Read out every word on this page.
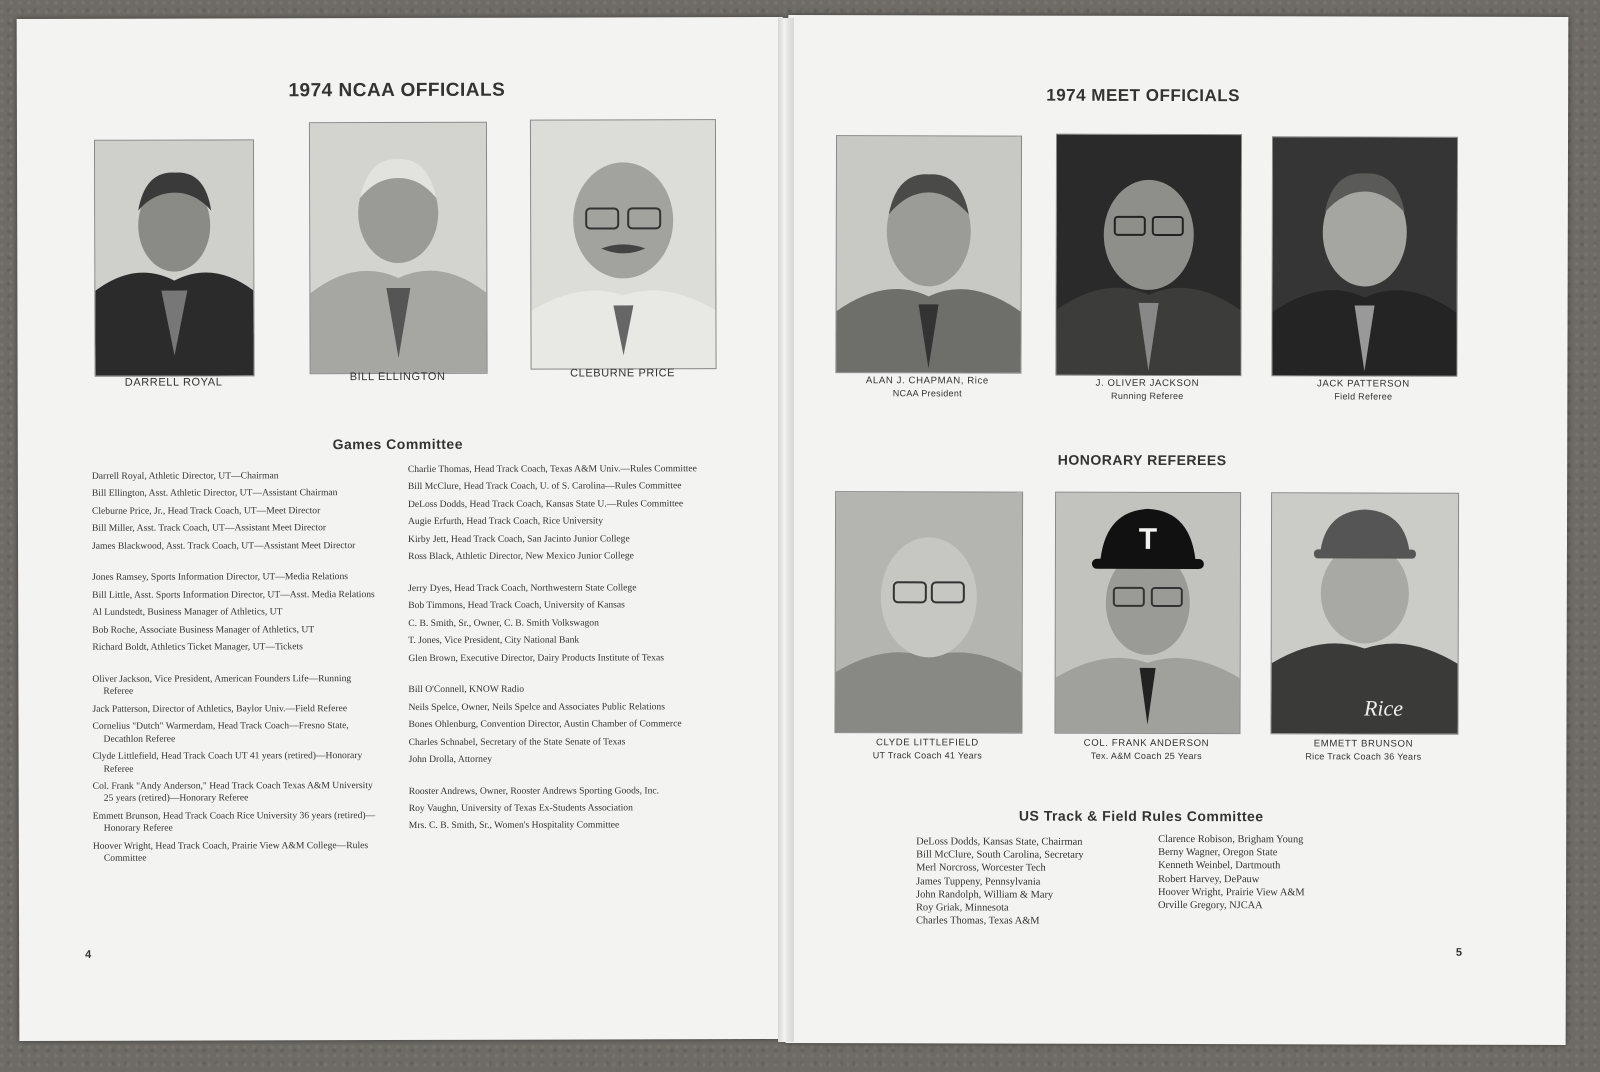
1974 NCAA OFFICIALS
DARRELL ROYAL	BILL ELLINGTON	CLEBURNE PRICE
Games Committee
Darrell Royal, Athletic Director, UT—Chairman
Bill Ellington, Asst. Athletic Director, UT—Assistant Chairman
Cleburne Price, Jr., Head Track Coach, UT—Meet Director
Bill Miller, Asst. Track Coach, UT—Assistant Meet Director
James Blackwood, Asst. Track Coach, UT—Assistant Meet Director
Jones Ramsey, Sports Information Director, UT—Media Relations
Bill Little, Asst. Sports Information Director, UT—Asst. Media Relations
Al Lundstedt, Business Manager of Athletics, UT
Bob Roche, Associate Business Manager of Athletics, UT
Richard Boldt, Athletics Ticket Manager, UT—Tickets
Oliver Jackson, Vice President, American Founders Life—Running Referee
Jack Patterson, Director of Athletics, Baylor Univ.—Field Referee
Cornelius "Dutch" Warmerdam, Head Track Coach—Fresno State, Decathlon Referee
Clyde Littlefield, Head Track Coach UT 41 years (retired)—Honorary Referee
Col. Frank "Andy Anderson," Head Track Coach Texas A&M University 25 years (retired)—Honorary Referee
Emmett Brunson, Head Track Coach Rice University 36 years (retired)—Honorary Referee
Hoover Wright, Head Track Coach, Prairie View A&M College—Rules Committee
Charlie Thomas, Head Track Coach, Texas A&M Univ.—Rules Committee
Bill McClure, Head Track Coach, U. of S. Carolina—Rules Committee
DeLoss Dodds, Head Track Coach, Kansas State U.—Rules Committee
Augie Erfurth, Head Track Coach, Rice University
Kirby Jett, Head Track Coach, San Jacinto Junior College
Ross Black, Athletic Director, New Mexico Junior College
Jerry Dyes, Head Track Coach, Northwestern State College
Bob Timmons, Head Track Coach, University of Kansas
C. B. Smith, Sr., Owner, C. B. Smith Volkswagon
T. Jones, Vice President, City National Bank
Glen Brown, Executive Director, Dairy Products Institute of Texas
Bill O'Connell, KNOW Radio
Neils Spelce, Owner, Neils Spelce and Associates Public Relations
Bones Ohlenburg, Convention Director, Austin Chamber of Commerce
Charles Schnabel, Secretary of the State Senate of Texas
John Drolla, Attorney
Rooster Andrews, Owner, Rooster Andrews Sporting Goods, Inc.
Roy Vaughn, University of Texas Ex-Students Association
Mrs. C. B. Smith, Sr., Women's Hospitality Committee
4
1974 MEET OFFICIALS
ALAN J. CHAPMAN, Rice
NCAA President
J. OLIVER JACKSON
Running Referee
JACK PATTERSON
Field Referee
HONORARY REFEREES
CLYDE LITTLEFIELD
UT Track Coach 41 Years
T
COL. FRANK ANDERSON
Tex. A&M Coach 25 Years
Rice
EMMETT BRUNSON
Rice Track Coach 36 Years
US Track & Field Rules Committee
DeLoss Dodds, Kansas State, Chairman
Bill McClure, South Carolina, Secretary
Merl Norcross, Worcester Tech
James Tuppeny, Pennsylvania
John Randolph, William & Mary
Roy Griak, Minnesota
Charles Thomas, Texas A&M
Clarence Robison, Brigham Young
Berny Wagner, Oregon State
Kenneth Weinbel, Dartmouth
Robert Harvey, DePauw
Hoover Wright, Prairie View A&M
Orville Gregory, NJCAA
5
